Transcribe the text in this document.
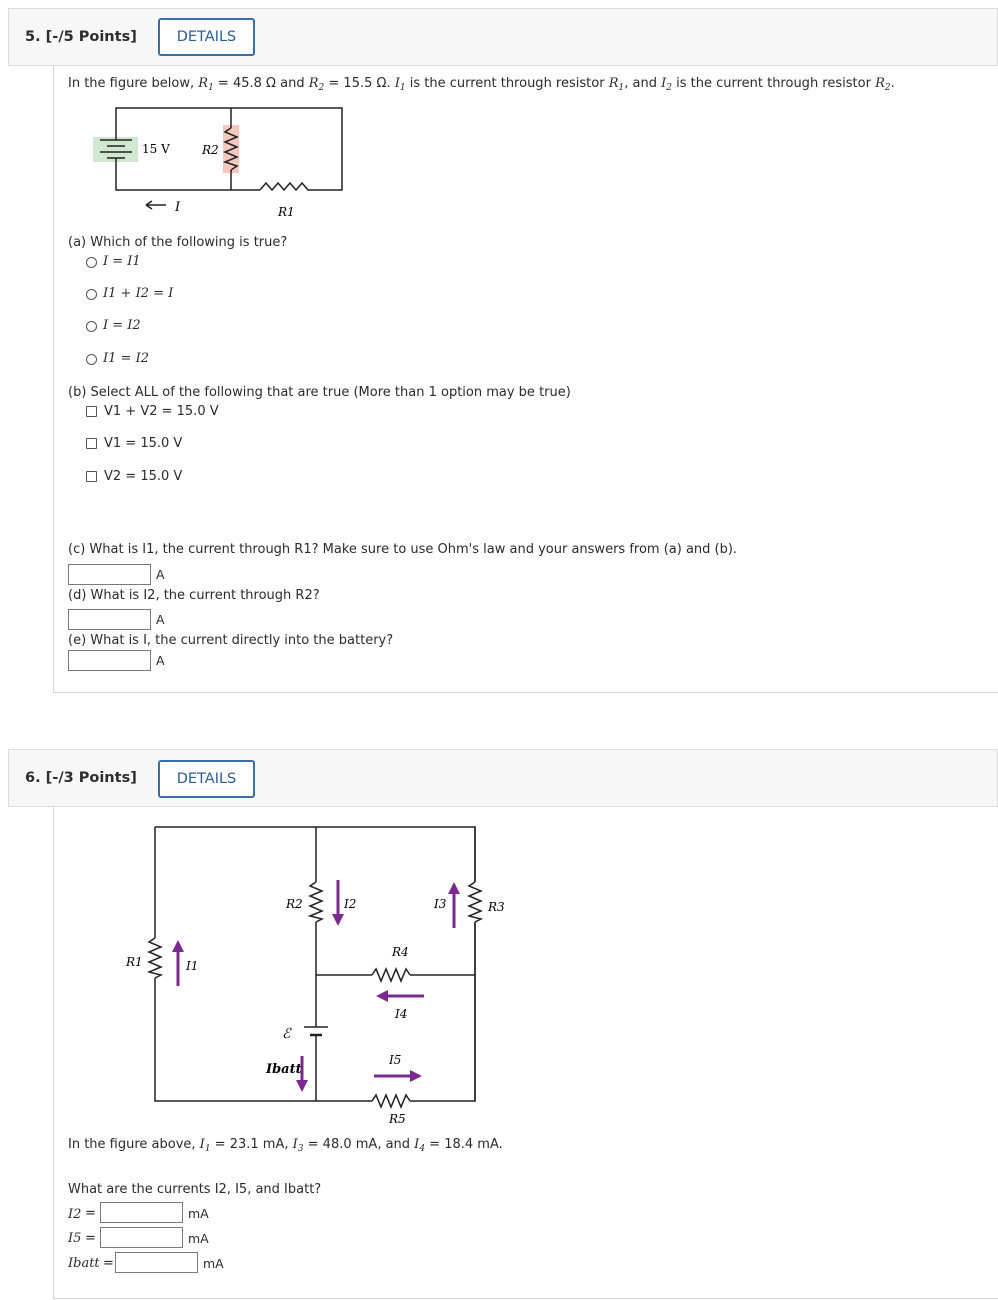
5. [-/5 Points]	DETAILS
In the figure below, $R_1 = 45.8$ Ω and $R_2 = 15.5$ Ω. $I_1$ is the current through resistor $R_1$, and $I_2$ is the current through resistor $R_2$.
15 V	R2
R1
I
(a) Which of the following is true?
I = I1
I1 + I2 = I
I = I2
I1 = I2
(b) Select ALL of the following that are true (More than 1 option may be true)
V1 + V2 = 15.0 V
V1 = 15.0 V
V2 = 15.0 V
(c) What is I1, the current through R1? Make sure to use Ohm's law and your answers from (a) and (b).
A
(d) What is I2, the current through R2?
A
(e) What is I, the current directly into the battery?
A
6. [-/3 Points]	DETAILS
R1	I1
R2	I2	I3	R3
R4
I4
ℰ
Ibatt
I5
R5
In the figure above, $I_1 = 23.1$ mA, $I_3 = 48.0$ mA, and $I_4 = 18.4$ mA.
What are the currents I2, I5, and Ibatt?
I2 =	mA
I5 =	mA
Ibatt =	mA
